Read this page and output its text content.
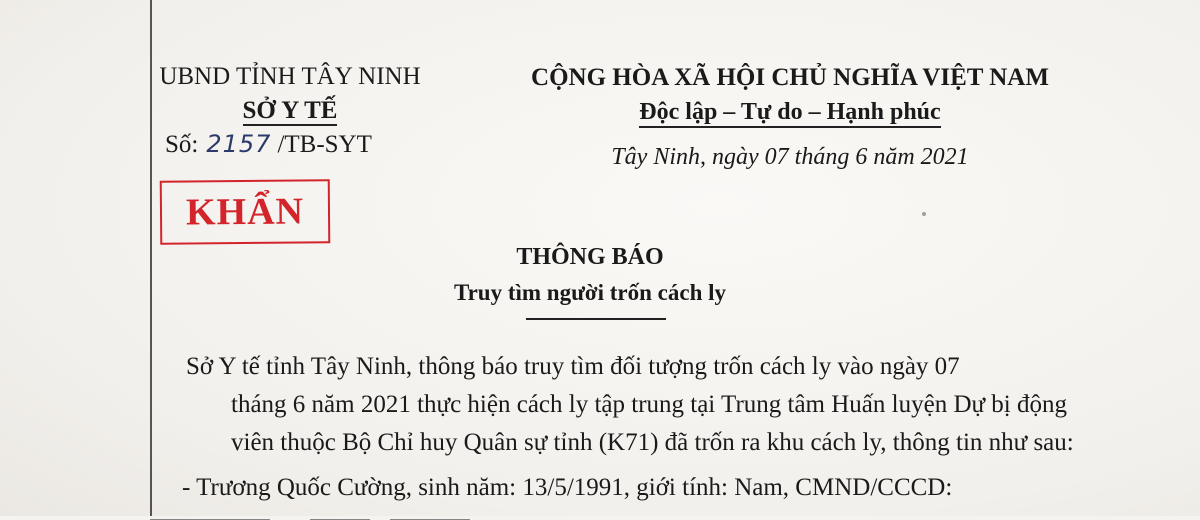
UBND TỈNH TÂY NINH
SỞ Y TẾ
Số: 2157 /TB-SYT
KHẨN
CỘNG HÒA XÃ HỘI CHỦ NGHĨA VIỆT NAM
Độc lập – Tự do – Hạnh phúc
Tây Ninh, ngày 07 tháng 6 năm 2021
THÔNG BÁO
Truy tìm người trốn cách ly

Sở Y tế tỉnh Tây Ninh, thông báo truy tìm đối tượng trốn cách ly vào ngày 07
tháng 6 năm 2021 thực hiện cách ly tập trung tại Trung tâm Huấn luyện Dự bị động
viên thuộc Bộ Chỉ huy Quân sự tỉnh (K71) đã trốn ra khu cách ly, thông tin như sau:

- Trương Quốc Cường, sinh năm: 13/5/1991, giới tính: Nam, CMND/CCCD:
